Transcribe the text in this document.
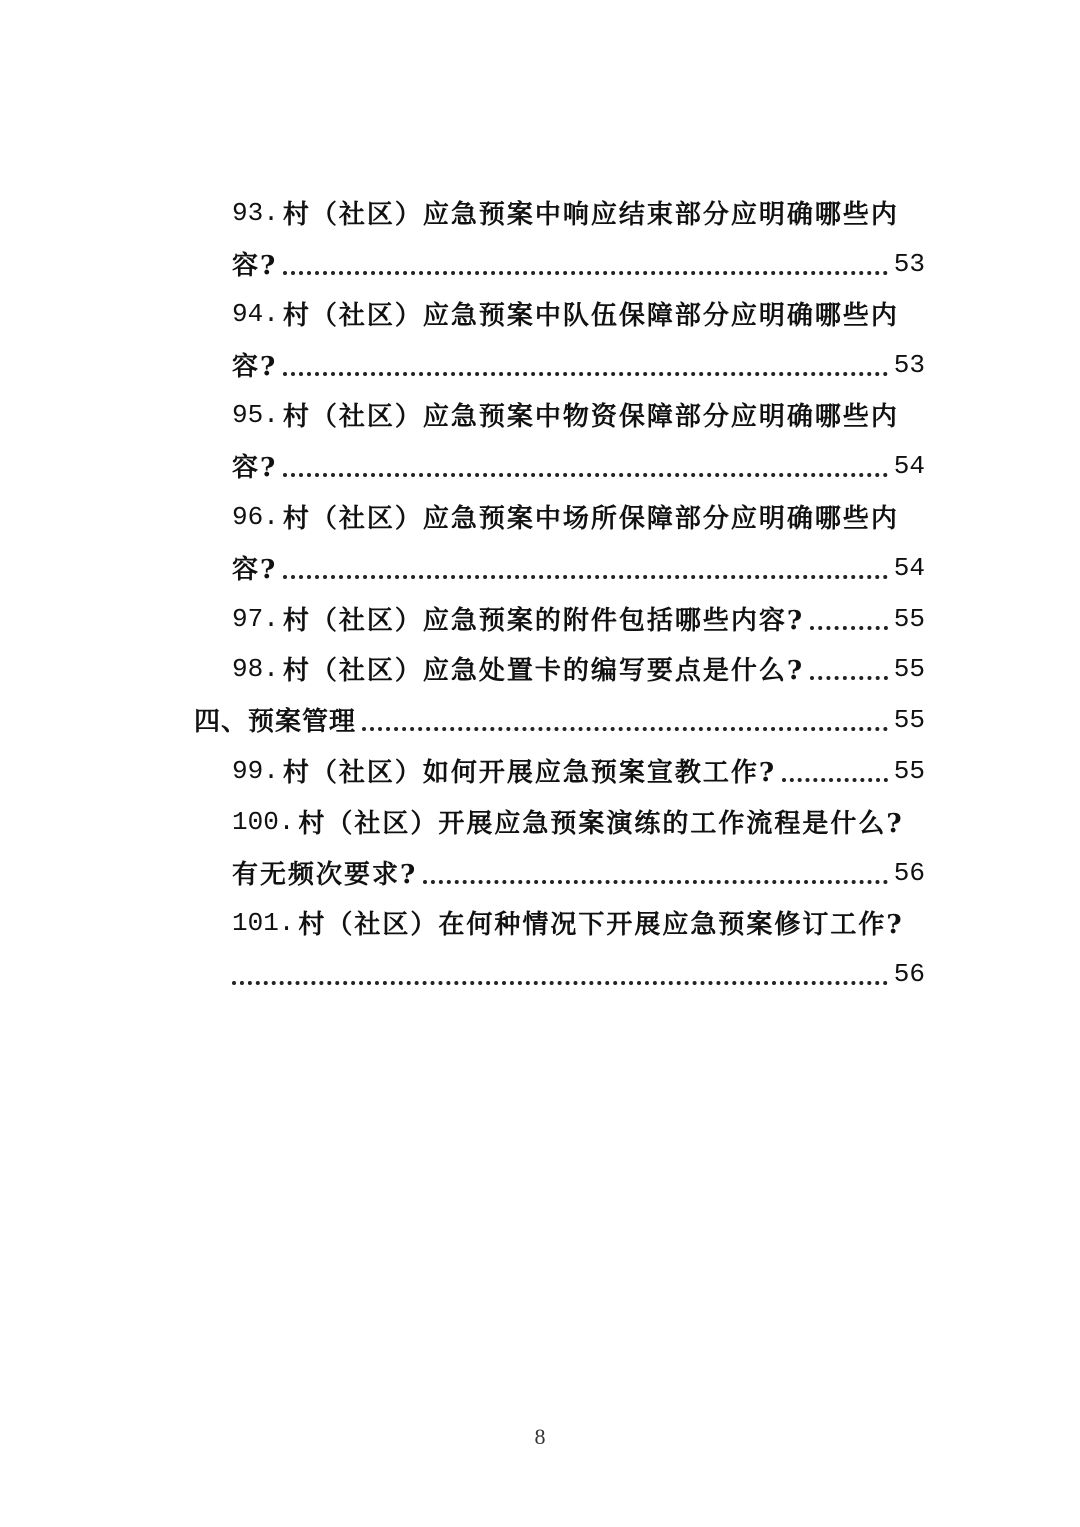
93. 村（社区）应急预案中响应结束部分应明确哪些内
容?	53
94. 村（社区）应急预案中队伍保障部分应明确哪些内
容?	53
95. 村（社区）应急预案中物资保障部分应明确哪些内
容?	54
96. 村（社区）应急预案中场所保障部分应明确哪些内
容?	54
97. 村（社区）应急预案的附件包括哪些内容?	55
98. 村（社区）应急处置卡的编写要点是什么?	55
四、预案管理	55
99. 村（社区）如何开展应急预案宣教工作?	55
100. 村（社区）开展应急预案演练的工作流程是什么?
有无频次要求?	56
101. 村（社区）在何种情况下开展应急预案修订工作?
56
8
